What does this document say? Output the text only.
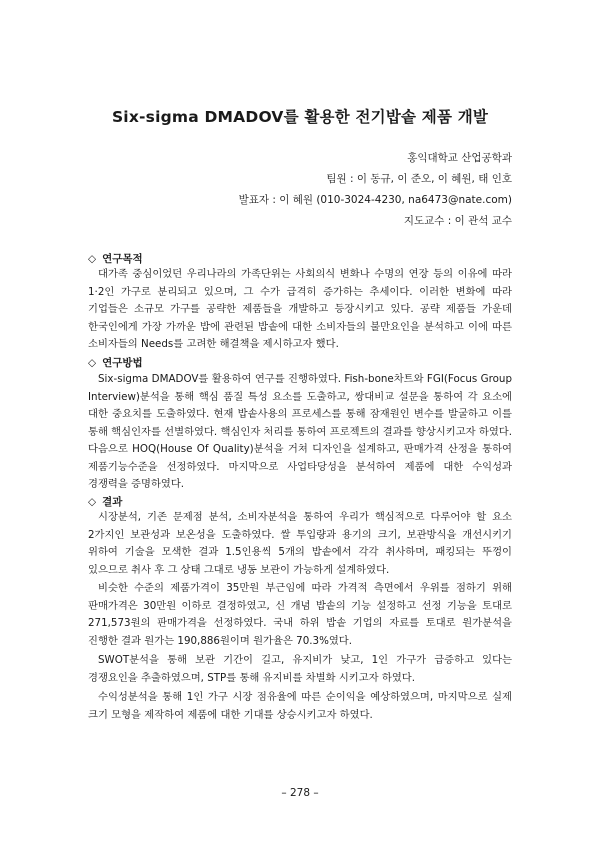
Six-sigma DMADOV를 활용한 전기밥솥 제품 개발
홍익대학교 산업공학과
팀원 : 이 동규, 이 준오, 이 혜원, 태 인호
발표자 : 이 혜원 (010-3024-4230, na6473@nate.com)
지도교수 : 이 관석 교수
◇ 연구목적

대가족 중심이었던 우리나라의 가족단위는 사회의식 변화나 수명의 연장 등의 이유에 따라 1·2인 가구로 분리되고 있으며, 그 수가 급격히 증가하는 추세이다. 이러한 변화에 따라 기업들은 소규모 가구를 공략한 제품들을 개발하고 등장시키고 있다. 공략 제품들 가운데 한국인에게 가장 가까운 밥에 관련된 밥솥에 대한 소비자들의 불만요인을 분석하고 이에 따른 소비자들의 Needs를 고려한 해결책을 제시하고자 했다.

◇ 연구방법

Six-sigma DMADOV를 활용하여 연구를 진행하였다. Fish-bone차트와 FGI(Focus Group Interview)분석을 통해 핵심 품질 특성 요소를 도출하고, 쌍대비교 설문을 통하여 각 요소에 대한 중요치를 도출하였다. 현재 밥솥사용의 프로세스를 통해 잠재원인 변수를 발굴하고 이를 통해 핵심인자를 선별하였다. 핵심인자 처리를 통하여 프로젝트의 결과를 향상시키고자 하였다. 다음으로 HOQ(House Of Quality)분석을 거쳐 디자인을 설계하고, 판매가격 산정을 통하여 제품기능수준을 선정하였다. 마지막으로 사업타당성을 분석하여 제품에 대한 수익성과 경쟁력을 증명하였다.

◇ 결과

시장분석, 기존 문제점 분석, 소비자분석을 통하여 우리가 핵심적으로 다루어야 할 요소 2가지인 보관성과 보온성을 도출하였다. 쌀 투입량과 용기의 크기, 보관방식을 개선시키기 위하여 기술을 모색한 결과 1.5인용씩 5개의 밥솥에서 각각 취사하며, 패킹되는 뚜껑이 있으므로 취사 후 그 상태 그대로 냉동 보관이 가능하게 설계하였다.

비슷한 수준의 제품가격이 35만원 부근임에 따라 가격적 측면에서 우위를 점하기 위해 판매가격은 30만원 이하로 결정하였고, 신 개념 밥솥의 기능 설정하고 선정 기능을 토대로 271,573원의 판매가격을 선정하였다. 국내 하위 밥솥 기업의 자료를 토대로 원가분석을 진행한 결과 원가는 190,886원이며 원가율은 70.3%였다.

SWOT분석을 통해 보관 기간이 길고, 유지비가 낮고, 1인 가구가 급증하고 있다는 경쟁요인을 추출하였으며, STP를 통해 유지비를 차별화 시키고자 하였다.

수익성분석을 통해 1인 가구 시장 점유율에 따른 순이익을 예상하였으며, 마지막으로 실제 크기 모형을 제작하여 제품에 대한 기대를 상승시키고자 하였다.

– 278 –
